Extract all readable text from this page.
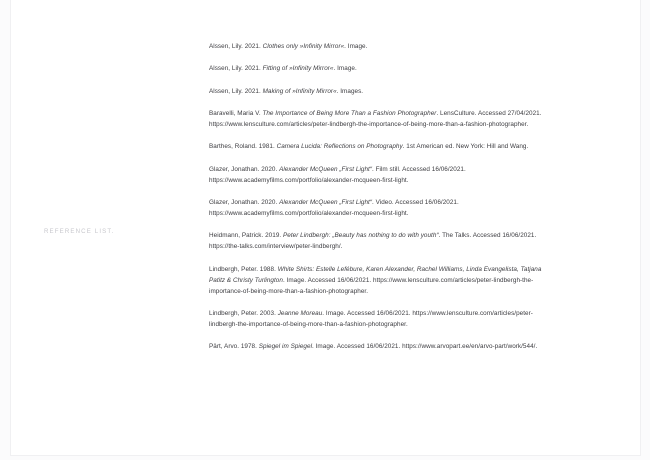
REFERENCE LIST.
Alssen, Lily. 2021. Clothes only »Infinity Mirror«. Image.
Alssen, Lily. 2021. Fitting of »Infinity Mirror«. Image.
Alssen, Lily. 2021. Making of »Infinity Mirror«. Images.
Baravelli, Maria V. The Importance of Being More Than a Fashion Photographer. LensCulture. Accessed 27/04/2021. https://www.lensculture.com/articles/peter-lindbergh-the-importance-of-being-more-than-a-fashion-photographer.
Barthes, Roland. 1981. Camera Lucida: Reflections on Photography. 1st American ed. New York: Hill and Wang.
Glazer, Jonathan. 2020. Alexander McQueen „First Light“. Film still. Accessed 16/06/2021. https://www.academyfilms.com/portfolio/alexander-mcqueen-first-light.
Glazer, Jonathan. 2020. Alexander McQueen „First Light“. Video. Accessed 16/06/2021. https://www.academyfilms.com/portfolio/alexander-mcqueen-first-light.
Heidmann, Patrick. 2019. Peter Lindbergh: „Beauty has nothing to do with youth“. The Talks. Accessed 16/06/2021. https://the-talks.com/interview/peter-lindbergh/.
Lindbergh, Peter. 1988. White Shirts: Estelle Lefébure, Karen Alexander, Rachel Williams, Linda Evangelista, Tatjana Patitz & Christy Turlington. Image. Accessed 16/06/2021. https://www.lensculture.com/articles/peter-lindbergh-the-importance-of-being-more-than-a-fashion-photographer.
Lindbergh, Peter. 2003. Jeanne Moreau. Image. Accessed 16/06/2021. https://www.lensculture.com/articles/peter-lindbergh-the-importance-of-being-more-than-a-fashion-photographer.
Pärt, Arvo. 1978. Spiegel im Spiegel. Image. Accessed 16/06/2021. https://www.arvopart.ee/en/arvo-part/work/544/.
